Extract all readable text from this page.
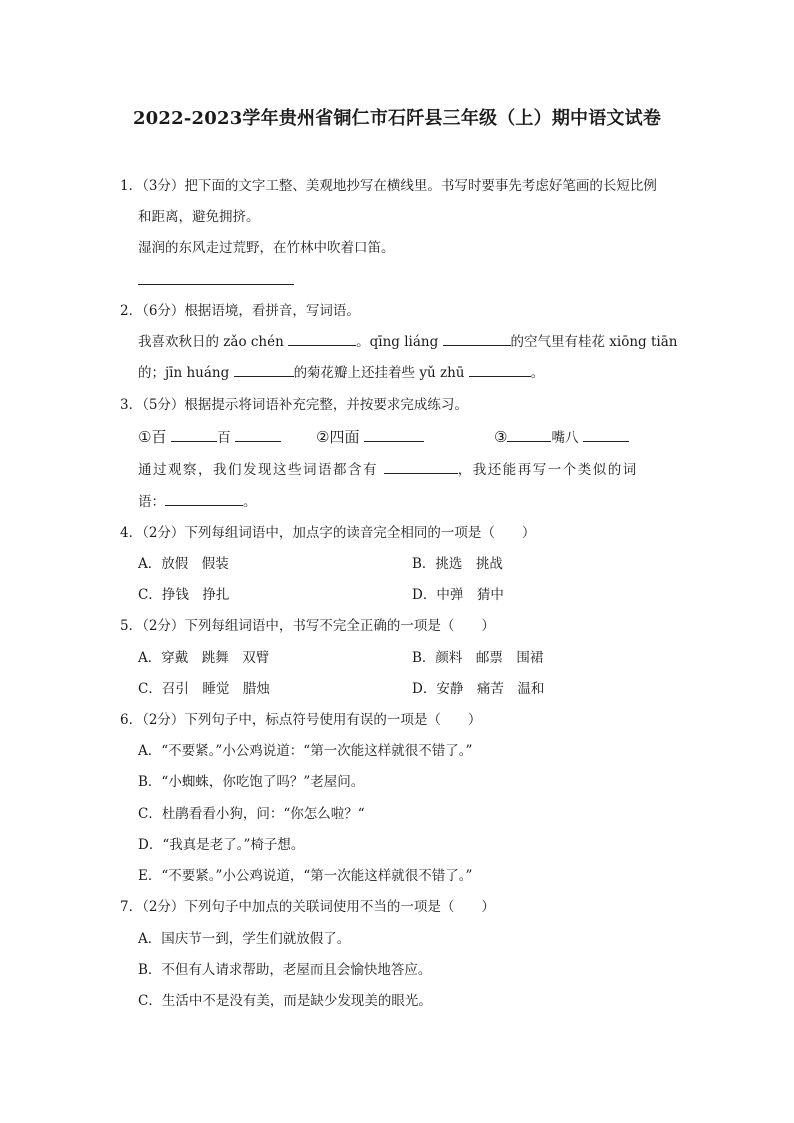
2022-2023学年贵州省铜仁市石阡县三年级（上）期中语文试卷
1．（3分）把下面的文字工整、美观地抄写在横线里。书写时要事先考虑好笔画的长短比例
和距离，避免拥挤。
湿润的东风走过荒野，在竹林中吹着口笛。
2．（6分）根据语境，看拼音，写词语。
我喜欢秋日的 zǎo chén	。qīng liáng	的空气里有桂花 xiōng tiān
的；jīn huáng	的菊花瓣上还挂着些 yǔ zhū	。
3．（5分）根据提示将词语补充完整，并按要求完成练习。
①百	百	②四面	③	嘴八
通过观察，我们发现这些词语都含有	，我还能再写一个类似的词
语：	。
4．（2分）下列每组词语中，加点字的读音完全相同的一项是（　　）
A．放假　假装	B．挑选　挑战
C．挣钱　挣扎	D．中弹　猜中
5．（2分）下列每组词语中，书写不完全正确的一项是（　　）
A．穿戴　跳舞　双臂	B．颜料　邮票　围裙
C．召引　睡觉　腊烛	D．安静　痛苦　温和
6．（2分）下列句子中，标点符号使用有误的一项是（　　）
A．“不要紧。”小公鸡说道：“第一次能这样就很不错了。”
B．“小蜘蛛，你吃饱了吗？”老屋问。
C．杜鹃看看小狗，问：“你怎么啦？“
D．“我真是老了。”椅子想。
E．“不要紧。”小公鸡说道，“第一次能这样就很不错了。”
7．（2分）下列句子中加点的关联词使用不当的一项是（　　）
A．国庆节一到，学生们就放假了。
B．不但有人请求帮助，老屋而且会愉快地答应。
C．生活中不是没有美，而是缺少发现美的眼光。
